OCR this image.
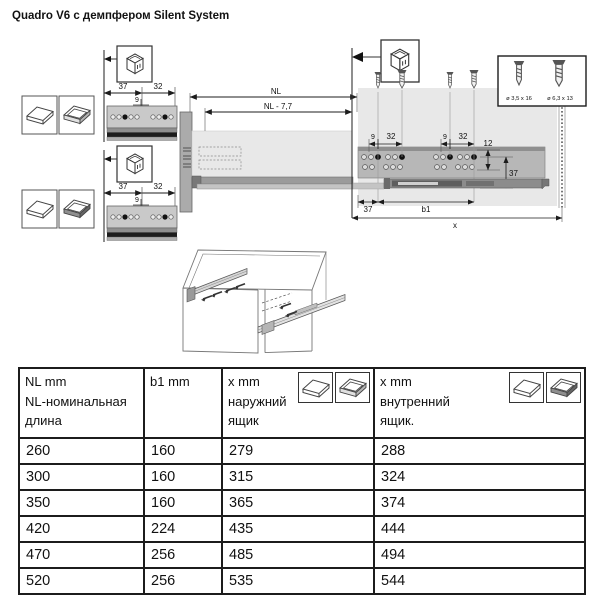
Quadro V6 с демпфером Silent System
37	32
9
37	32
9
NL
NL - 7,7
9 32	9 32
12
37
37	b1
x
ø 3,5 x 16	ø 6,3 x 13
NL mm
NL-номинальная
длина	b1 mm	x mm
наружний
ящик	x mm
внутренний
ящик.

260	160	279	288
300	160	315	324
350	160	365	374
420	224	435	444
470	256	485	494
520	256	535	544
